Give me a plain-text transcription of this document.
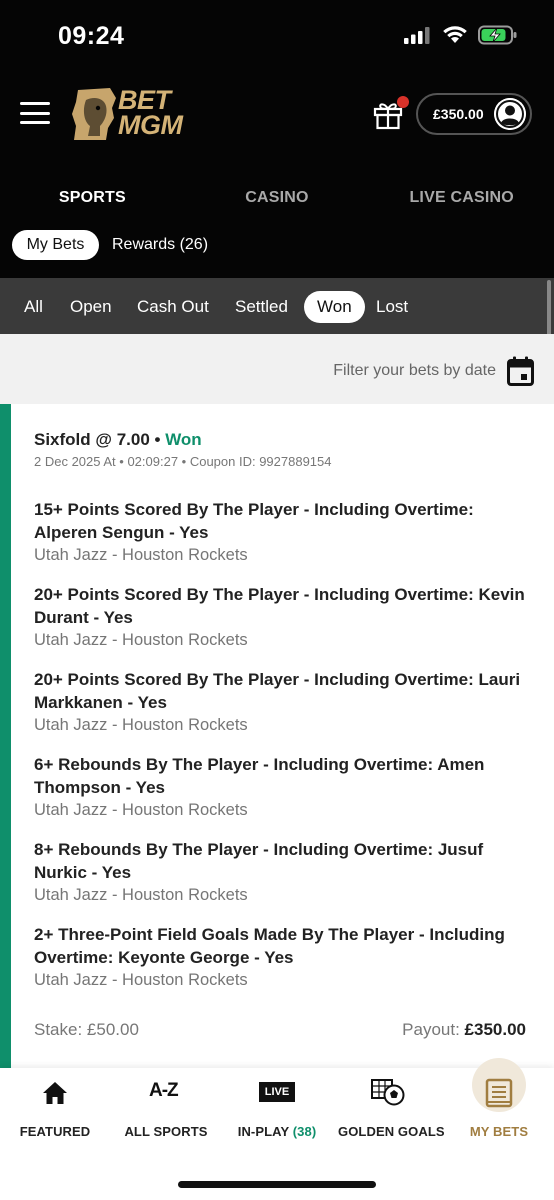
09:24
BET
MGM	£350.00
SPORTS	CASINO	LIVE CASINO
My Bets	Rewards (26)
All Open Cash Out Settled	Won	Lost
Filter your bets by date
Sixfold @ 7.00 • Won
2 Dec 2025 At • 02:09:27 • Coupon ID: 9927889154
15+ Points Scored By The Player - Including Overtime: Alperen Sengun - Yes
Utah Jazz - Houston Rockets
20+ Points Scored By The Player - Including Overtime: Kevin Durant - Yes
Utah Jazz - Houston Rockets
20+ Points Scored By The Player - Including Overtime: Lauri Markkanen - Yes
Utah Jazz - Houston Rockets
6+ Rebounds By The Player - Including Overtime: Amen Thompson - Yes
Utah Jazz - Houston Rockets
8+ Rebounds By The Player - Including Overtime: Jusuf Nurkic - Yes
Utah Jazz - Houston Rockets
2+ Three-Point Field Goals Made By The Player - Including Overtime: Keyonte George - Yes
Utah Jazz - Houston Rockets
Stake: £50.00	Payout: £350.00
FEATURED
A-Z
ALL SPORTS
LIVE
IN-PLAY (38)	GOLDEN GOALS	MY BETS
